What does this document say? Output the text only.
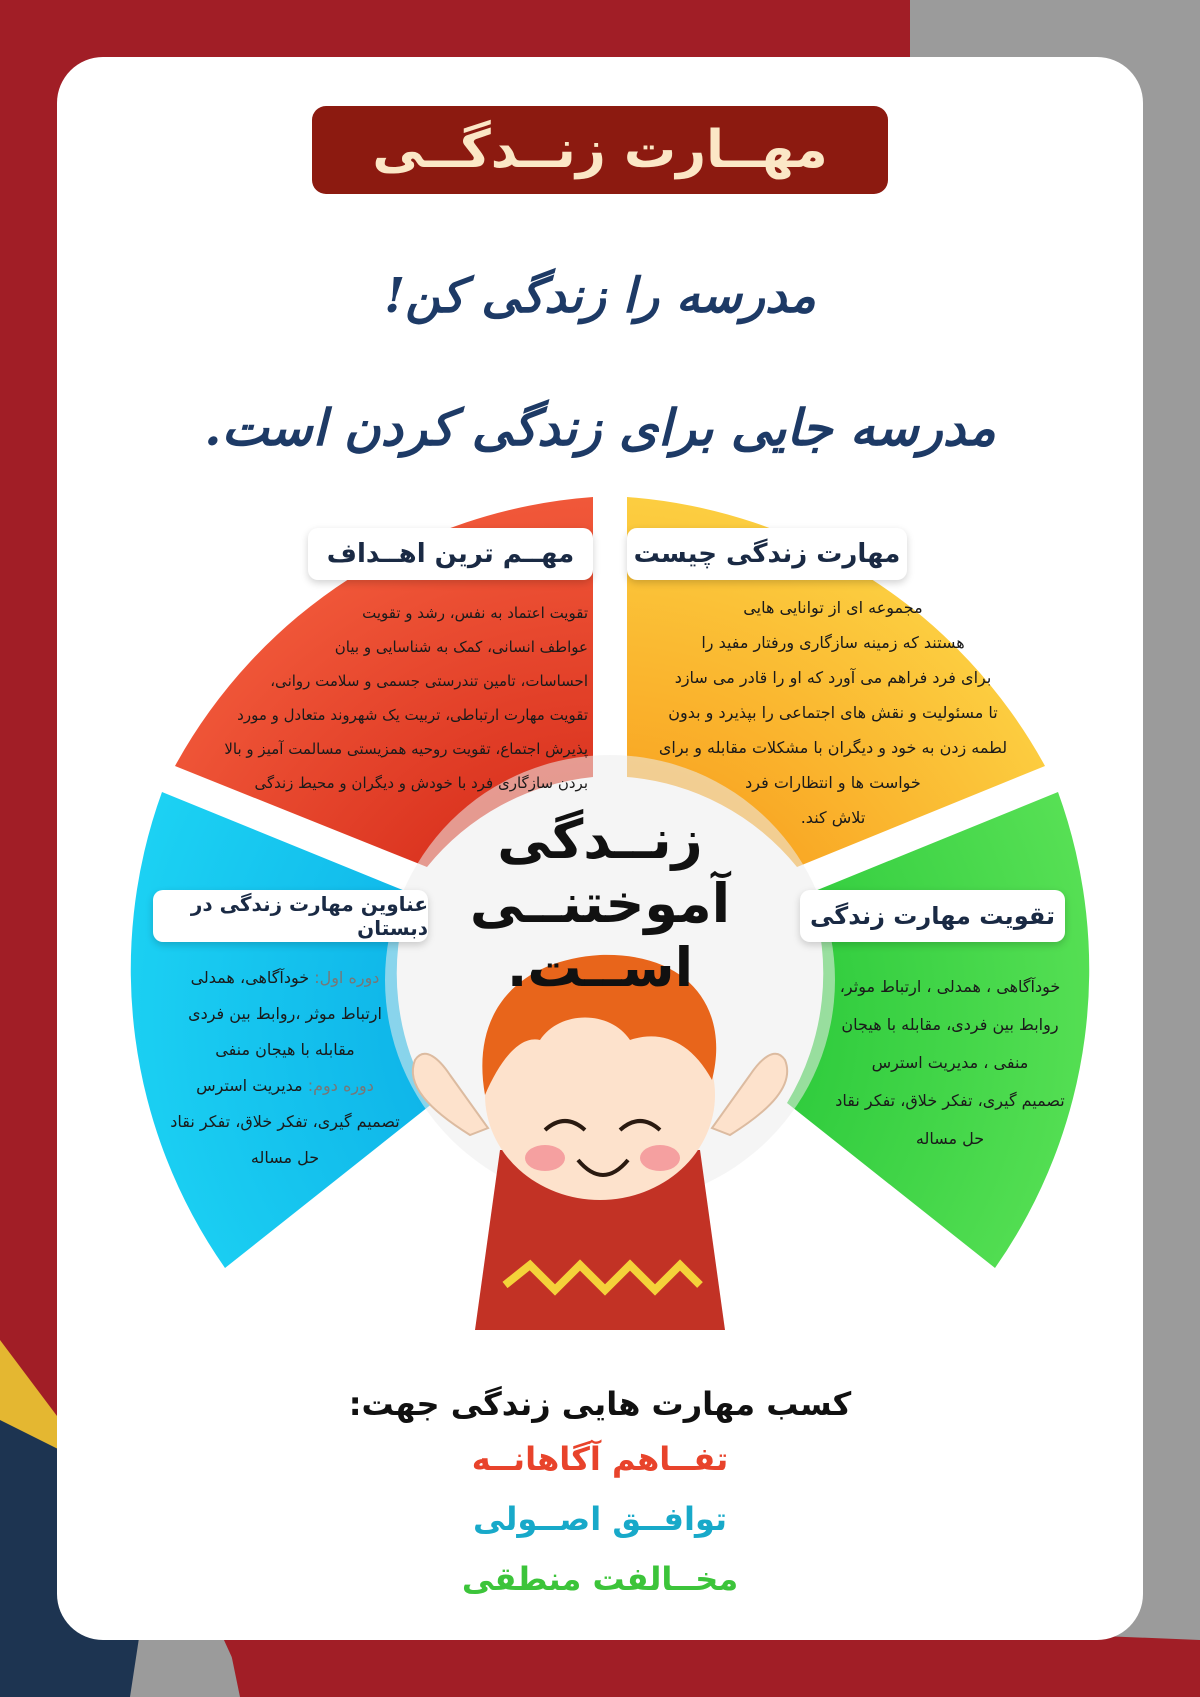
مهــارت زنــدگــی
مدرسه را زندگی کن!
مدرسه جایی برای زندگی کردن است.
مهــم ترین اهــداف	مهارت زندگی چیست
عناوین مهارت زندگی در دبستان	تقویت مهارت زندگی
تقویت اعتماد به نفس، رشد و تقویت
عواطف انسانی، کمک به شناسایی و بیان
احساسات، تامین تندرستی جسمی و سلامت روانی،
تقویت مهارت ارتباطی، تربیت یک شهروند متعادل و مورد
پذیرش اجتماع، تقویت روحیه همزیستی مسالمت آمیز و بالا
بردن سازگاری فرد با خودش و دیگران و محیط زندگی
مجموعه ای از توانایی هایی
هستند که زمینه سازگاری ورفتار مفید را
برای فرد فراهم می آورد که او را قادر می سازد
تا مسئولیت و نقش های اجتماعی را بپذیرد و بدون
لطمه زدن به خود و دیگران با مشکلات مقابله و برای
خواست ها و انتظارات فرد
تلاش کند.
دوره اول: خودآگاهی، همدلی
ارتباط موثر ،روابط بین فردی
مقابله با هیجان منفی
دوره دوم: مدیریت استرس
تصمیم گیری، تفکر خلاق، تفکر نقاد
حل مساله
خودآگاهی ، همدلی ، ارتباط موثر،
روابط بین فردی، مقابله با هیجان
منفی ، مدیریت استرس
تصمیم گیری، تفکر خلاق، تفکر نقاد
حل مساله
زنــدگی
آموختنــی
اســت.
کسب مهارت هایی زندگی جهت:
تفــاهم آگاهانــه
توافــق اصــولی
مخــالفت منطقی
